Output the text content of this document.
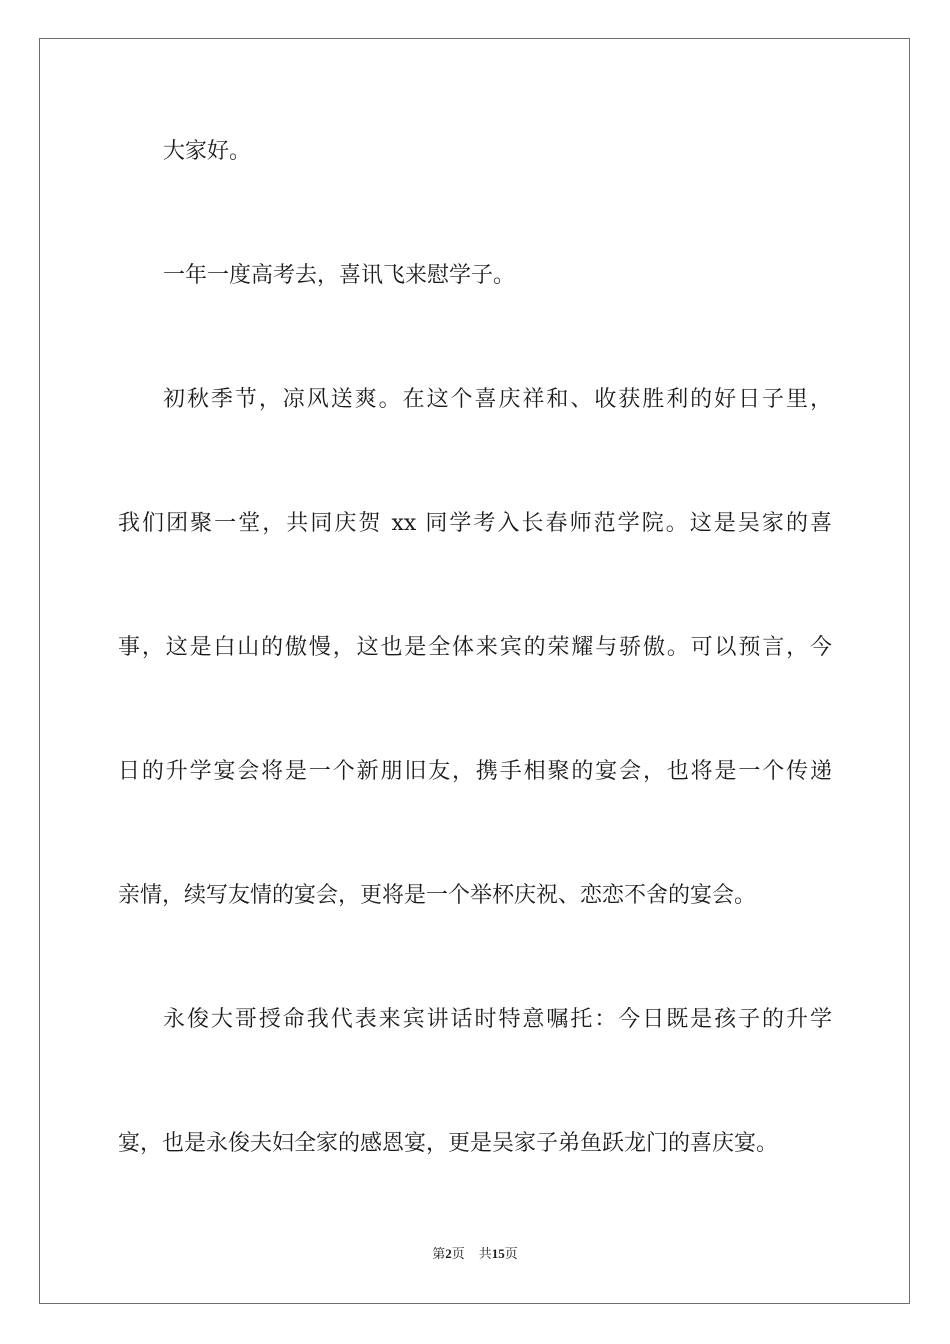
大家好。
一年一度高考去，喜讯飞来慰学子。
初秋季节，凉风送爽。在这个喜庆祥和、收获胜利的好日子里，
我们团聚一堂，共同庆贺 xx 同学考入长春师范学院。这是吴家的喜
事，这是白山的傲慢，这也是全体来宾的荣耀与骄傲。可以预言，今
日的升学宴会将是一个新朋旧友，携手相聚的宴会，也将是一个传递
亲情，续写友情的宴会，更将是一个举杯庆祝、恋恋不舍的宴会。
永俊大哥授命我代表来宾讲话时特意嘱托：今日既是孩子的升学
宴，也是永俊夫妇全家的感恩宴，更是吴家子弟鱼跃龙门的喜庆宴。
第2页 共15页
